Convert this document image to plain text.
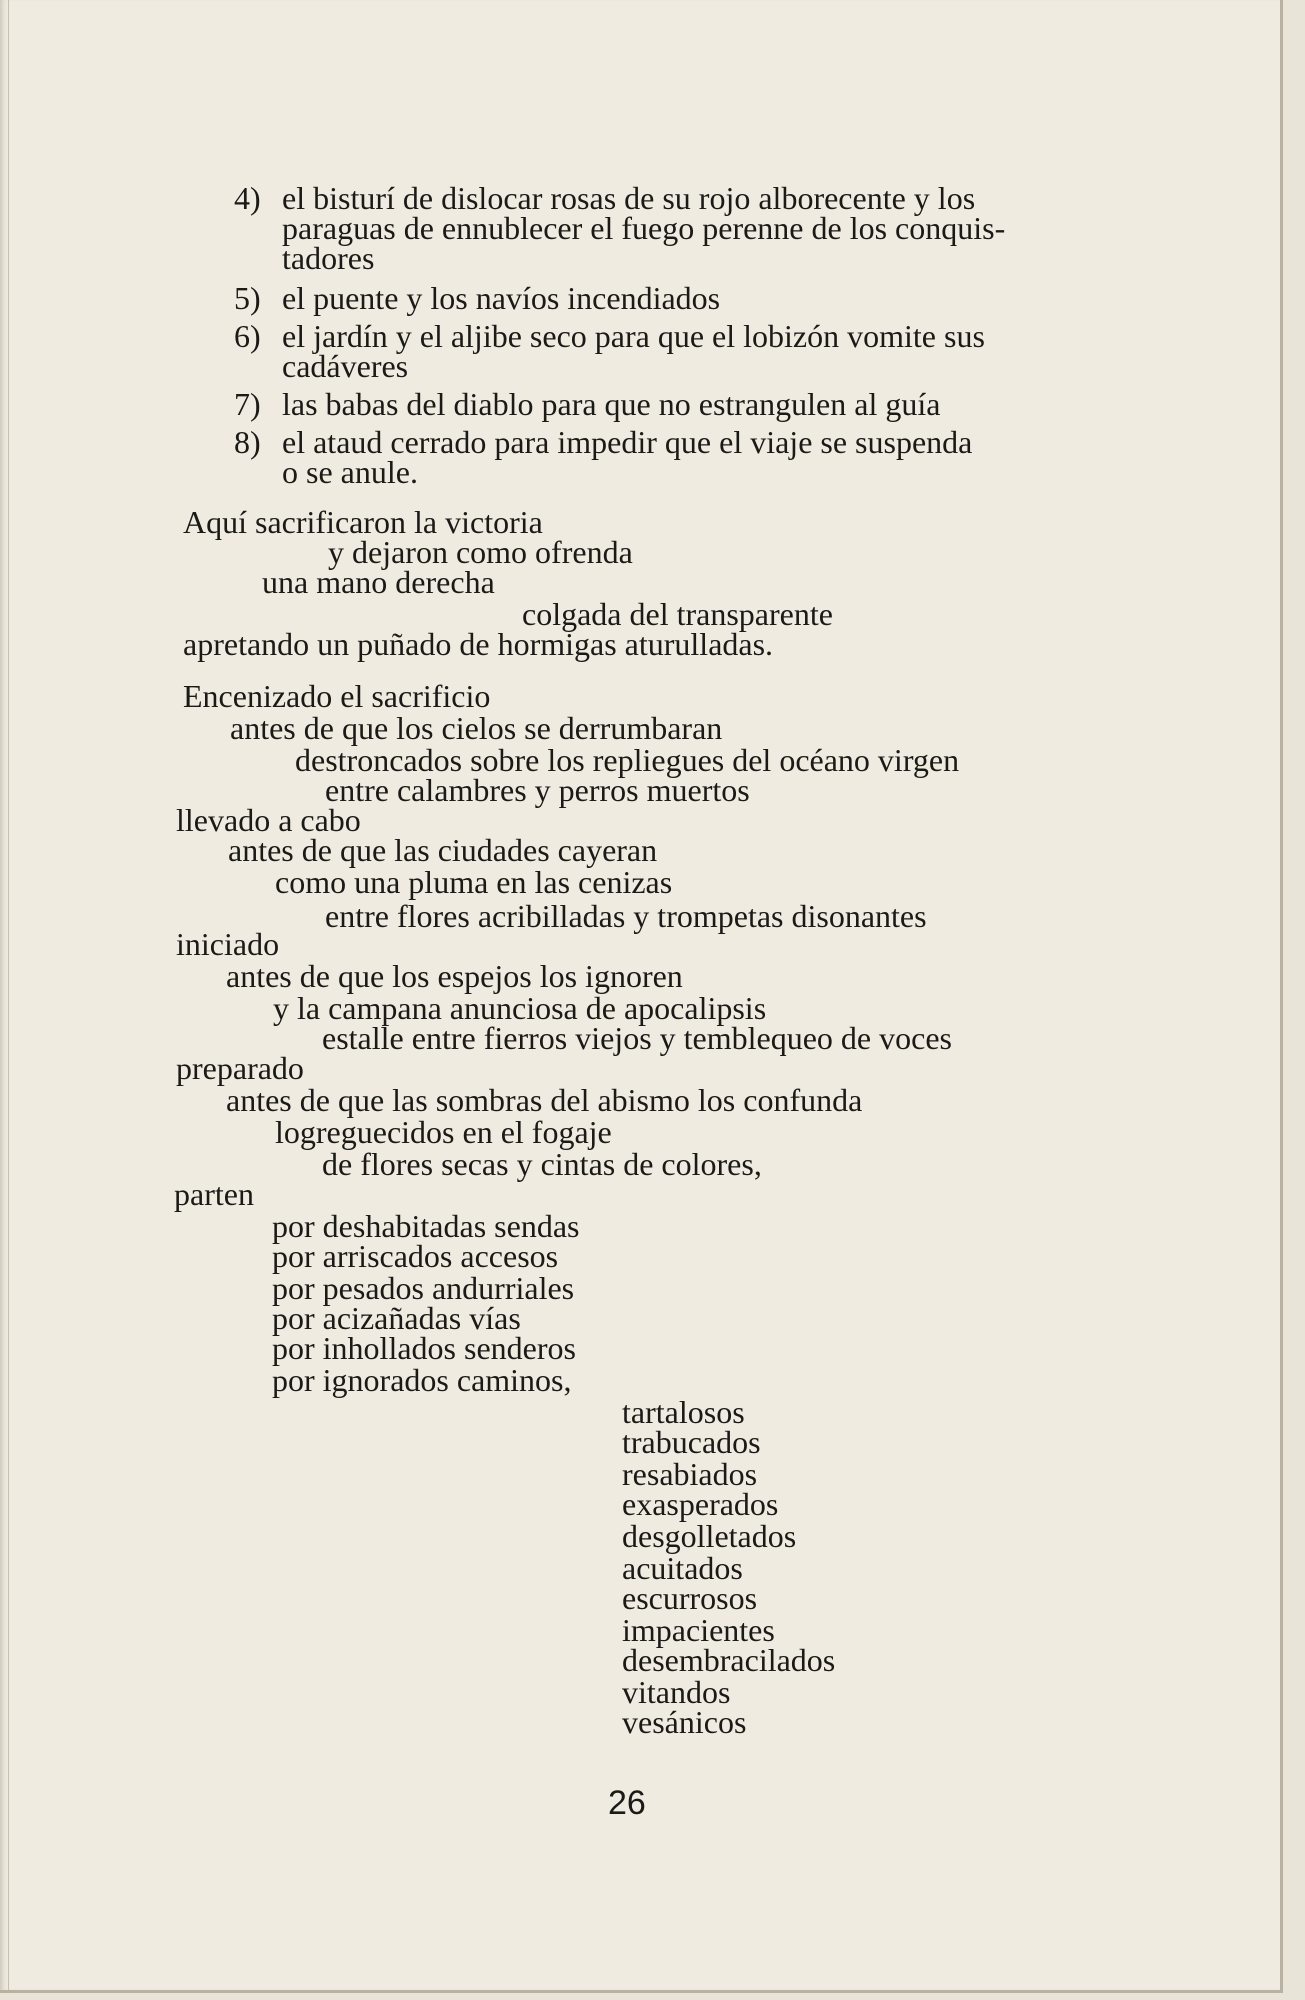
4) el bisturí de dislocar rosas de su rojo alborecente y los
paraguas de ennublecer el fuego perenne de los conquis-
tadores
5) el puente y los navíos incendiados
6) el jardín y el aljibe seco para que el lobizón vomite sus
cadáveres
7) las babas del diablo para que no estrangulen al guía
8) el ataud cerrado para impedir que el viaje se suspenda
o se anule.
Aquí sacrificaron la victoria
y dejaron como ofrenda
una mano derecha
colgada del transparente
apretando un puñado de hormigas aturulladas.
Encenizado el sacrificio
antes de que los cielos se derrumbaran
destroncados sobre los repliegues del océano virgen
entre calambres y perros muertos
llevado a cabo
antes de que las ciudades cayeran
como una pluma en las cenizas
entre flores acribilladas y trompetas disonantes
iniciado
antes de que los espejos los ignoren
y la campana anunciosa de apocalipsis
estalle entre fierros viejos y temblequeo de voces
preparado
antes de que las sombras del abismo los confunda
logreguecidos en el fogaje
de flores secas y cintas de colores,
parten
por deshabitadas sendas
por arriscados accesos
por pesados andurriales
por acizañadas vías
por inhollados senderos
por ignorados caminos,
tartalosos
trabucados
resabiados
exasperados
desgolletados
acuitados
escurrosos
impacientes
desembracilados
vitandos
vesánicos
26
